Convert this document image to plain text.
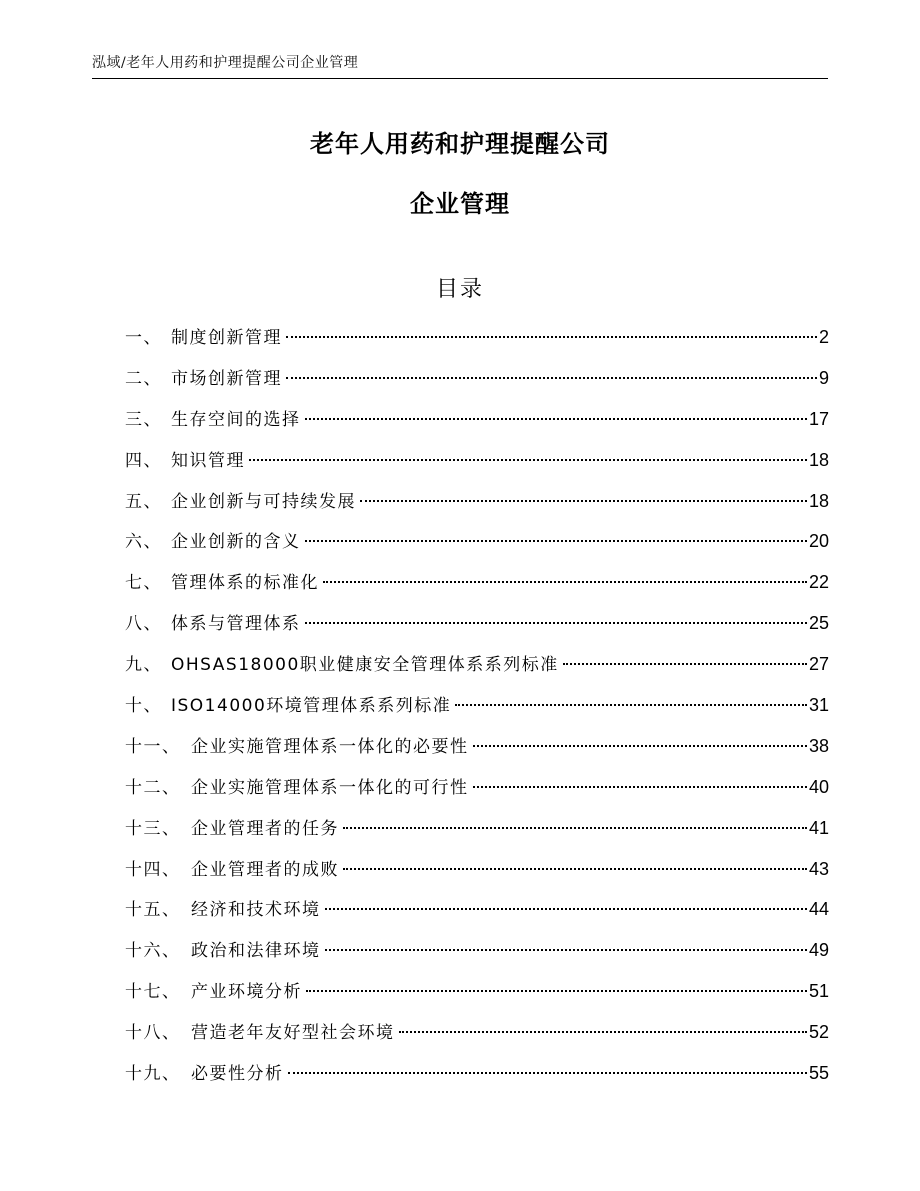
泓域/老年人用药和护理提醒公司企业管理
老年人用药和护理提醒公司
企业管理
目录
一、 制度创新管理	2
二、 市场创新管理	9
三、 生存空间的选择	17
四、 知识管理	18
五、 企业创新与可持续发展	18
六、 企业创新的含义	20
七、 管理体系的标准化	22
八、 体系与管理体系	25
九、 OHSAS18000职业健康安全管理体系系列标准	27
十、 ISO14000环境管理体系系列标准	31
十一、 企业实施管理体系一体化的必要性	38
十二、 企业实施管理体系一体化的可行性	40
十三、 企业管理者的任务	41
十四、 企业管理者的成败	43
十五、 经济和技术环境	44
十六、 政治和法律环境	49
十七、 产业环境分析	51
十八、 营造老年友好型社会环境	52
十九、 必要性分析	55
